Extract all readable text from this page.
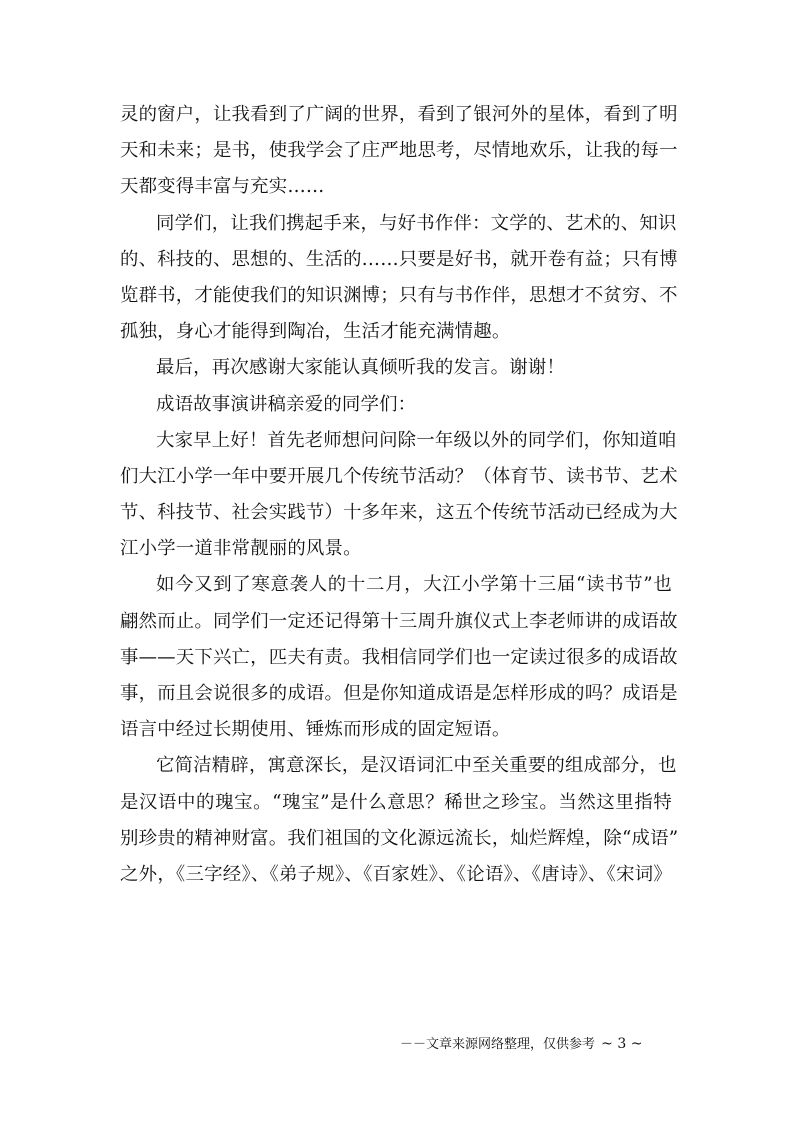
灵的窗户，让我看到了广阔的世界，看到了银河外的星体，看到了明
天和未来；是书，使我学会了庄严地思考，尽情地欢乐，让我的每一
天都变得丰富与充实……
同学们，让我们携起手来，与好书作伴：文学的、艺术的、知识
的、科技的、思想的、生活的……只要是好书，就开卷有益；只有博
览群书，才能使我们的知识渊博；只有与书作伴，思想才不贫穷、不
孤独，身心才能得到陶冶，生活才能充满情趣。
最后，再次感谢大家能认真倾听我的发言。谢谢！
成语故事演讲稿亲爱的同学们：
大家早上好！首先老师想问问除一年级以外的同学们，你知道咱
们大江小学一年中要开展几个传统节活动？（体育节、读书节、艺术
节、科技节、社会实践节）十多年来，这五个传统节活动已经成为大
江小学一道非常靓丽的风景。
如今又到了寒意袭人的十二月，大江小学第十三届“读书节”也
翩然而止。同学们一定还记得第十三周升旗仪式上李老师讲的成语故
事——天下兴亡，匹夫有责。我相信同学们也一定读过很多的成语故
事，而且会说很多的成语。但是你知道成语是怎样形成的吗？成语是
语言中经过长期使用、锤炼而形成的固定短语。
它简洁精辟，寓意深长，是汉语词汇中至关重要的组成部分，也
是汉语中的瑰宝。“瑰宝”是什么意思？稀世之珍宝。当然这里指特
别珍贵的精神财富。我们祖国的文化源远流长，灿烂辉煌，除“成语”
之外，《三字经》、《弟子规》、《百家姓》、《论语》、《唐诗》、《宋词》
－－文章来源网络整理，仅供参考 ~ 3 ~
